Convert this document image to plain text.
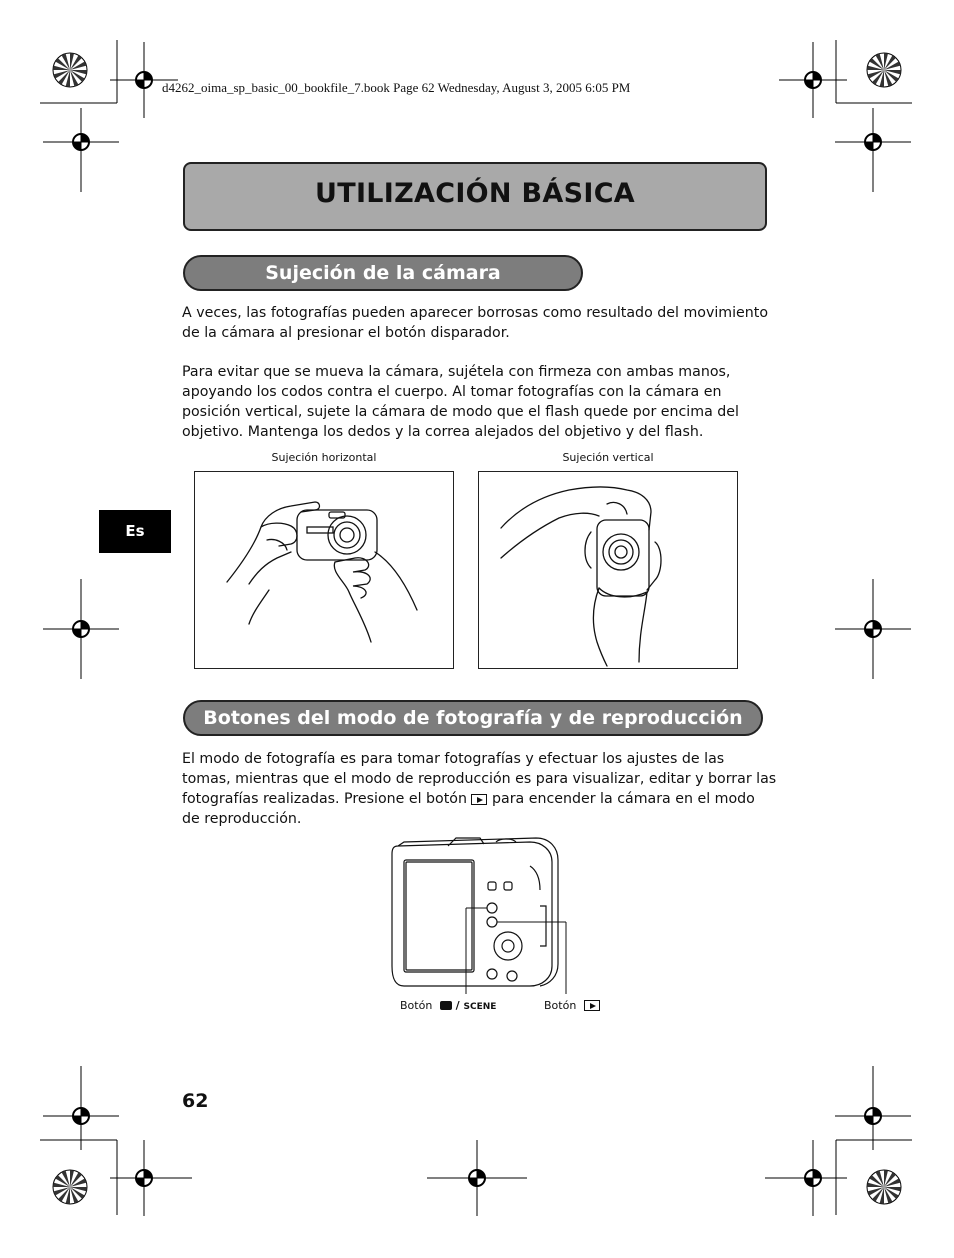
d4262_oima_sp_basic_00_bookfile_7.book Page 62 Wednesday, August 3, 2005 6:05 PM
UTILIZACIÓN BÁSICA
Sujeción de la cámara

A veces, las fotografías pueden aparecer borrosas como resultado del movimiento de la cámara al presionar el botón disparador.

Para evitar que se mueva la cámara, sujétela con firmeza con ambas manos, apoyando los codos contra el cuerpo. Al tomar fotografías con la cámara en posición vertical, sujete la cámara de modo que el flash quede por encima del objetivo. Mantenga los dedos y la correa alejados del objetivo y del flash.

Sujeción horizontal	Sujeción vertical
Es
Botones del modo de fotografía y de reproducción

El modo de fotografía es para tomar fotografías y efectuar los ajustes de las tomas, mientras que el modo de reproducción es para visualizar, editar y borrar las fotografías realizadas. Presione el botón  para encender la cámara en el modo de reproducción.

Botón  / SCENE	Botón
62
